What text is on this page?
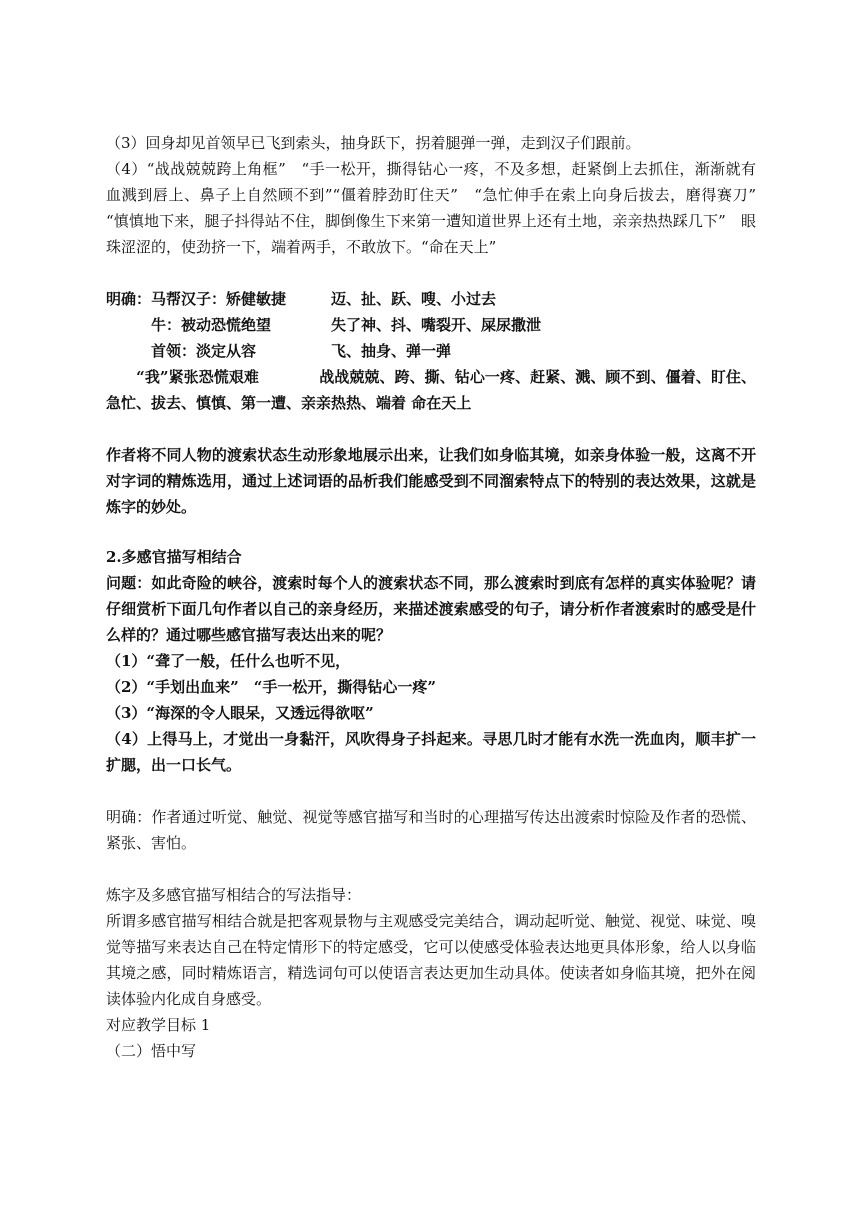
（3）回身却见首领早已飞到索头，抽身跃下，拐着腿弹一弹，走到汉子们跟前。
（4）“战战兢兢跨上角框”　“手一松开，撕得钻心一疼，不及多想，赶紧倒上去抓住，渐渐就有
血溅到唇上、鼻子上自然顾不到”“僵着脖劲盯住天”　“急忙伸手在索上向身后拔去，磨得赛刀”
“慎慎地下来，腿子抖得站不住，脚倒像生下来第一遭知道世界上还有土地，亲亲热热踩几下”　眼
珠涩涩的，使劲挤一下，端着两手，不敢放下。“命在天上”
明确：马帮汉子：矫健敏捷　　　迈、扯、跃、嗖、小过去
　　　牛：被动恐慌绝望　　　　失了神、抖、嘴裂开、屎尿撒泄
　　　首领：淡定从容　　　　　飞、抽身、弹一弹
　　“我”紧张恐慌艰难　　　　战战兢兢、跨、撕、钻心一疼、赶紧、溅、顾不到、僵着、盯住、
急忙、拔去、慎慎、第一遭、亲亲热热、端着 命在天上
作者将不同人物的渡索状态生动形象地展示出来，让我们如身临其境，如亲身体验一般，这离不开
对字词的精炼选用，通过上述词语的品析我们能感受到不同溜索特点下的特别的表达效果，这就是
炼字的妙处。
2.多感官描写相结合
问题：如此奇险的峡谷，渡索时每个人的渡索状态不同，那么渡索时到底有怎样的真实体验呢？请
仔细赏析下面几句作者以自己的亲身经历，来描述渡索感受的句子，请分析作者渡索时的感受是什
么样的？通过哪些感官描写表达出来的呢？
（1）“聋了一般，任什么也听不见，
（2）“手划出血来”　“手一松开，撕得钻心一疼”
（3）“海深的令人眼呆，又透远得欲呕”
（4）上得马上，才觉出一身黏汗，风吹得身子抖起来。寻思几时才能有水洗一洗血肉，顺丰扩一
扩腮，出一口长气。
明确：作者通过听觉、触觉、视觉等感官描写和当时的心理描写传达出渡索时惊险及作者的恐慌、
紧张、害怕。
炼字及多感官描写相结合的写法指导：
所谓多感官描写相结合就是把客观景物与主观感受完美结合，调动起听觉、触觉、视觉、味觉、嗅
觉等描写来表达自己在特定情形下的特定感受，它可以使感受体验表达地更具体形象，给人以身临
其境之感，同时精炼语言，精选词句可以使语言表达更加生动具体。使读者如身临其境，把外在阅
读体验内化成自身感受。
对应教学目标 1
（二）悟中写
